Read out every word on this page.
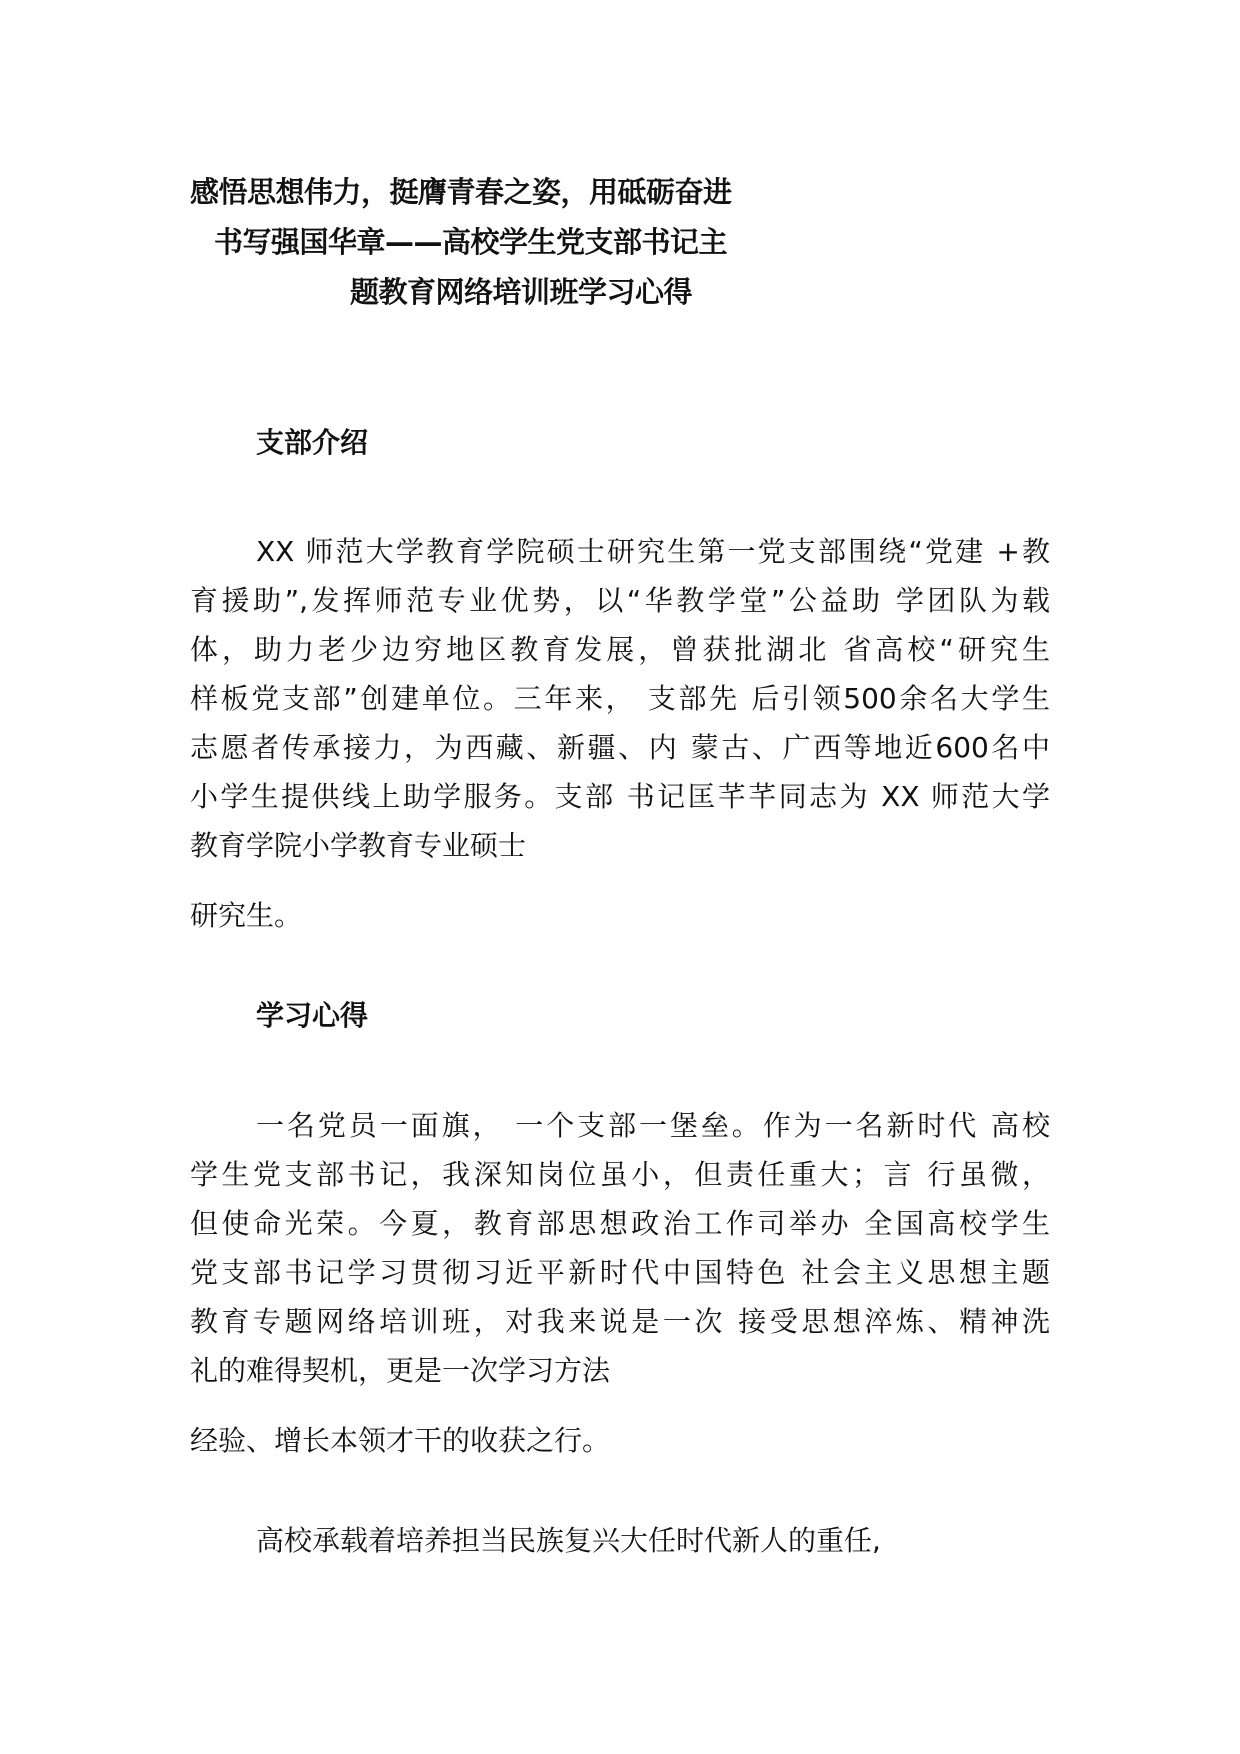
感悟思想伟力，挺膺青春之姿，用砥砺奋进
书写强国华章——高校学生党支部书记主
题教育网络培训班学习心得
支部介绍
XX 师范大学教育学院硕士研究生第一党支部围绕“党建 +教
育援助”,发挥师范专业优势，以“华教学堂”公益助 学团队为载
体，助力老少边穷地区教育发展，曾获批湖北 省高校“研究生
样板党支部”创建单位。三年来， 支部先 后引领500余名大学生
志愿者传承接力，为西藏、新疆、内 蒙古、广西等地近600名中
小学生提供线上助学服务。支部 书记匡芊芊同志为 XX 师范大学
教育学院小学教育专业硕士
研究生。
学习心得
一名党员一面旗， 一个支部一堡垒。作为一名新时代 高校
学生党支部书记，我深知岗位虽小，但责任重大；言 行虽微，
但使命光荣。今夏，教育部思想政治工作司举办 全国高校学生
党支部书记学习贯彻习近平新时代中国特色 社会主义思想主题
教育专题网络培训班，对我来说是一次 接受思想淬炼、精神洗
礼的难得契机，更是一次学习方法
经验、增长本领才干的收获之行。
高校承载着培养担当民族复兴大任时代新人的重任,
